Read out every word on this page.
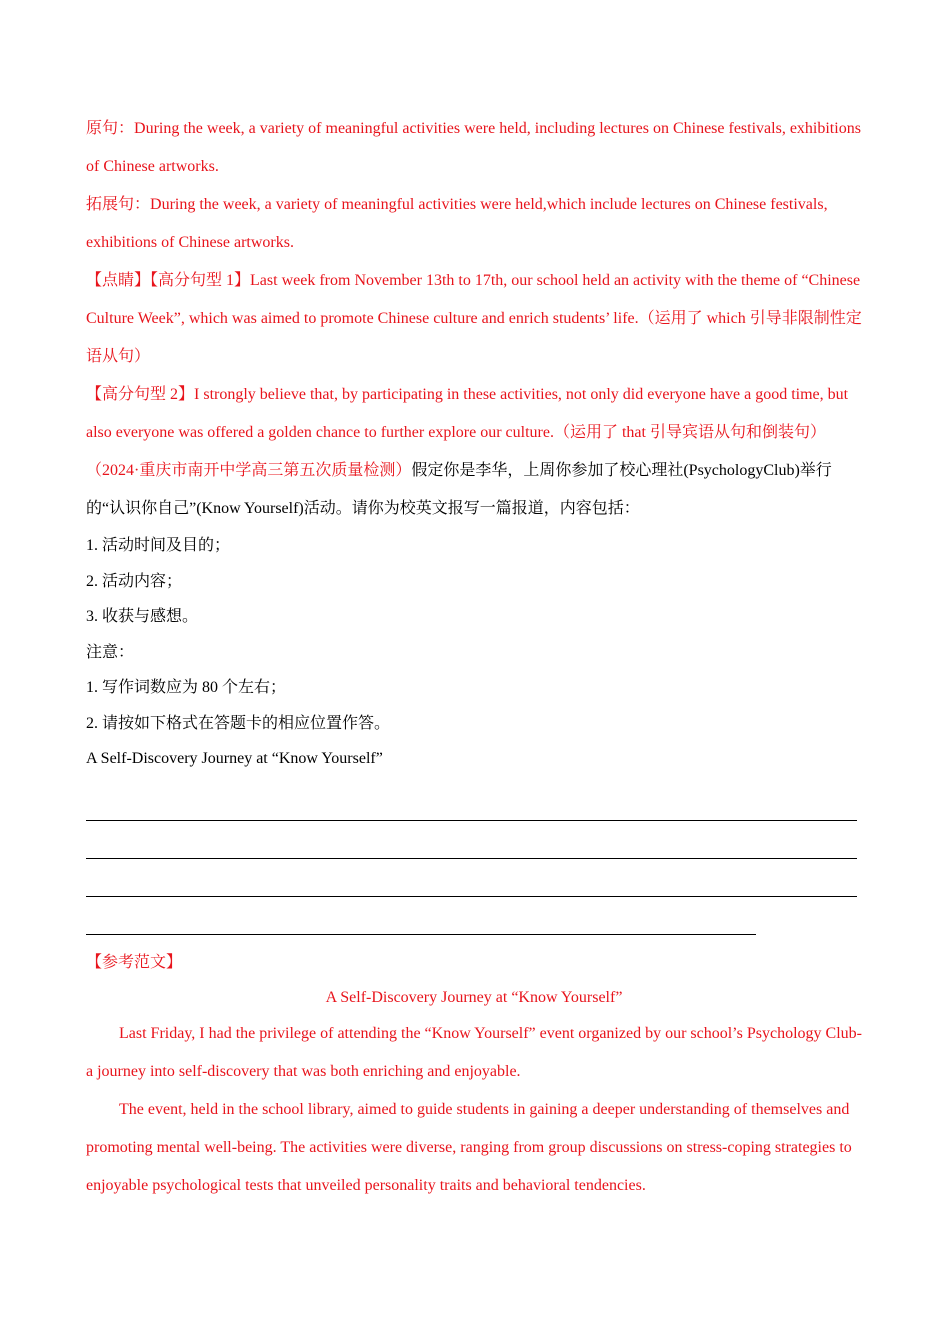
原句：During the week, a variety of meaningful activities were held, including lectures on Chinese festivals, exhibitions of Chinese artworks.

拓展句：During the week, a variety of meaningful activities were held,which include lectures on Chinese festivals, exhibitions of Chinese artworks.

【点睛】【高分句型 1】Last week from November 13th to 17th, our school held an activity with the theme of “Chinese Culture Week”, which was aimed to promote Chinese culture and enrich students’ life.（运用了 which 引导非限制性定语从句）

【高分句型 2】I strongly believe that, by participating in these activities, not only did everyone have a good time, but also everyone was offered a golden chance to further explore our culture.（运用了 that 引导宾语从句和倒装句）

（2024·重庆市南开中学高三第五次质量检测）假定你是李华，上周你参加了校心理社(PsychologyClub)举行的“认识你自己”(Know Yourself)活动。请你为校英文报写一篇报道，内容包括：

1. 活动时间及目的；

2. 活动内容；

3. 收获与感想。

注意：

1. 写作词数应为 80 个左右；

2. 请按如下格式在答题卡的相应位置作答。

A Self-Discovery Journey at “Know Yourself”

【参考范文】

A Self-Discovery Journey at “Know Yourself”

Last Friday, I had the privilege of attending the “Know Yourself” event organized by our school’s Psychology Club-a journey into self-discovery that was both enriching and enjoyable.

The event, held in the school library, aimed to guide students in gaining a deeper understanding of themselves and promoting mental well-being. The activities were diverse, ranging from group discussions on stress-coping strategies to enjoyable psychological tests that unveiled personality traits and behavioral tendencies.
